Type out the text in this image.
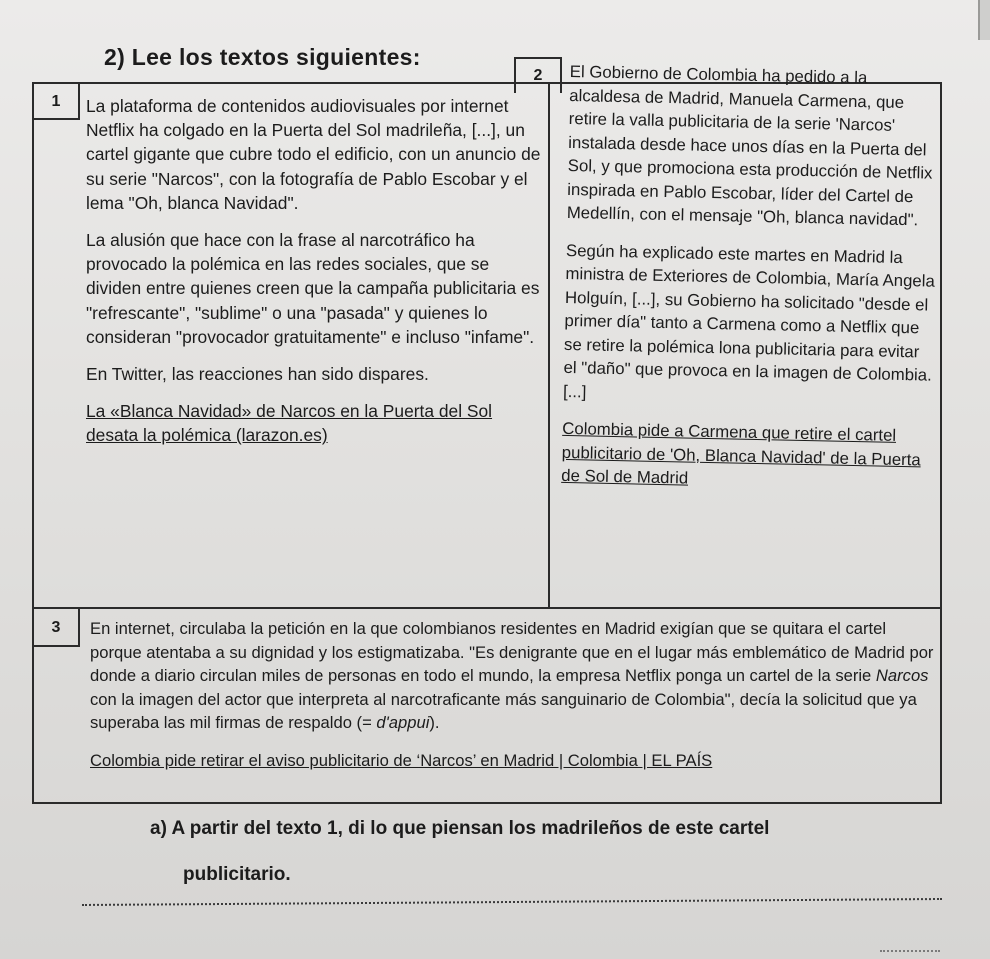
2) Lee los textos siguientes:
1
2
3

La plataforma de contenidos audiovisuales por internet Netflix ha colgado en la Puerta del Sol madrileña, [...], un cartel gigante que cubre todo el edificio, con un anuncio de su serie "Narcos", con la fotografía de Pablo Escobar y el lema "Oh, blanca Navidad".

La alusión que hace con la frase al narcotráfico ha provocado la polémica en las redes sociales, que se dividen entre quienes creen que la campaña publicitaria es "refrescante", "sublime" o una "pasada" y quienes lo consideran "provocador gratuitamente" e incluso "infame".

En Twitter, las reacciones han sido dispares.

La «Blanca Navidad» de Narcos en la Puerta del Sol desata la polémica (larazon.es)

El Gobierno de Colombia ha pedido a la alcaldesa de Madrid, Manuela Carmena, que retire la valla publicitaria de la serie 'Narcos' instalada desde hace unos días en la Puerta del Sol, y que promociona esta producción de Netflix inspirada en Pablo Escobar, líder del Cartel de Medellín, con el mensaje "Oh, blanca navidad".

Según ha explicado este martes en Madrid la ministra de Exteriores de Colombia, María Angela Holguín, [...], su Gobierno ha solicitado "desde el primer día" tanto a Carmena como a Netflix que se retire la polémica lona publicitaria para evitar el "daño" que provoca en la imagen de Colombia. [...]

Colombia pide a Carmena que retire el cartel publicitario de 'Oh, Blanca Navidad' de la Puerta de Sol de Madrid

En internet, circulaba la petición en la que colombianos residentes en Madrid exigían que se quitara el cartel porque atentaba a su dignidad y los estigmatizaba. "Es denigrante que en el lugar más emblemático de Madrid por donde a diario circulan miles de personas en todo el mundo, la empresa Netflix ponga un cartel de la serie Narcos con la imagen del actor que interpreta al narcotraficante más sanguinario de Colombia", decía la solicitud que ya superaba las mil firmas de respaldo (= d'appui).

Colombia pide retirar el aviso publicitario de ‘Narcos’ en Madrid | Colombia | EL PAÍS

a) A partir del texto 1, di lo que piensan los madrileños de este cartel
publicitario.
